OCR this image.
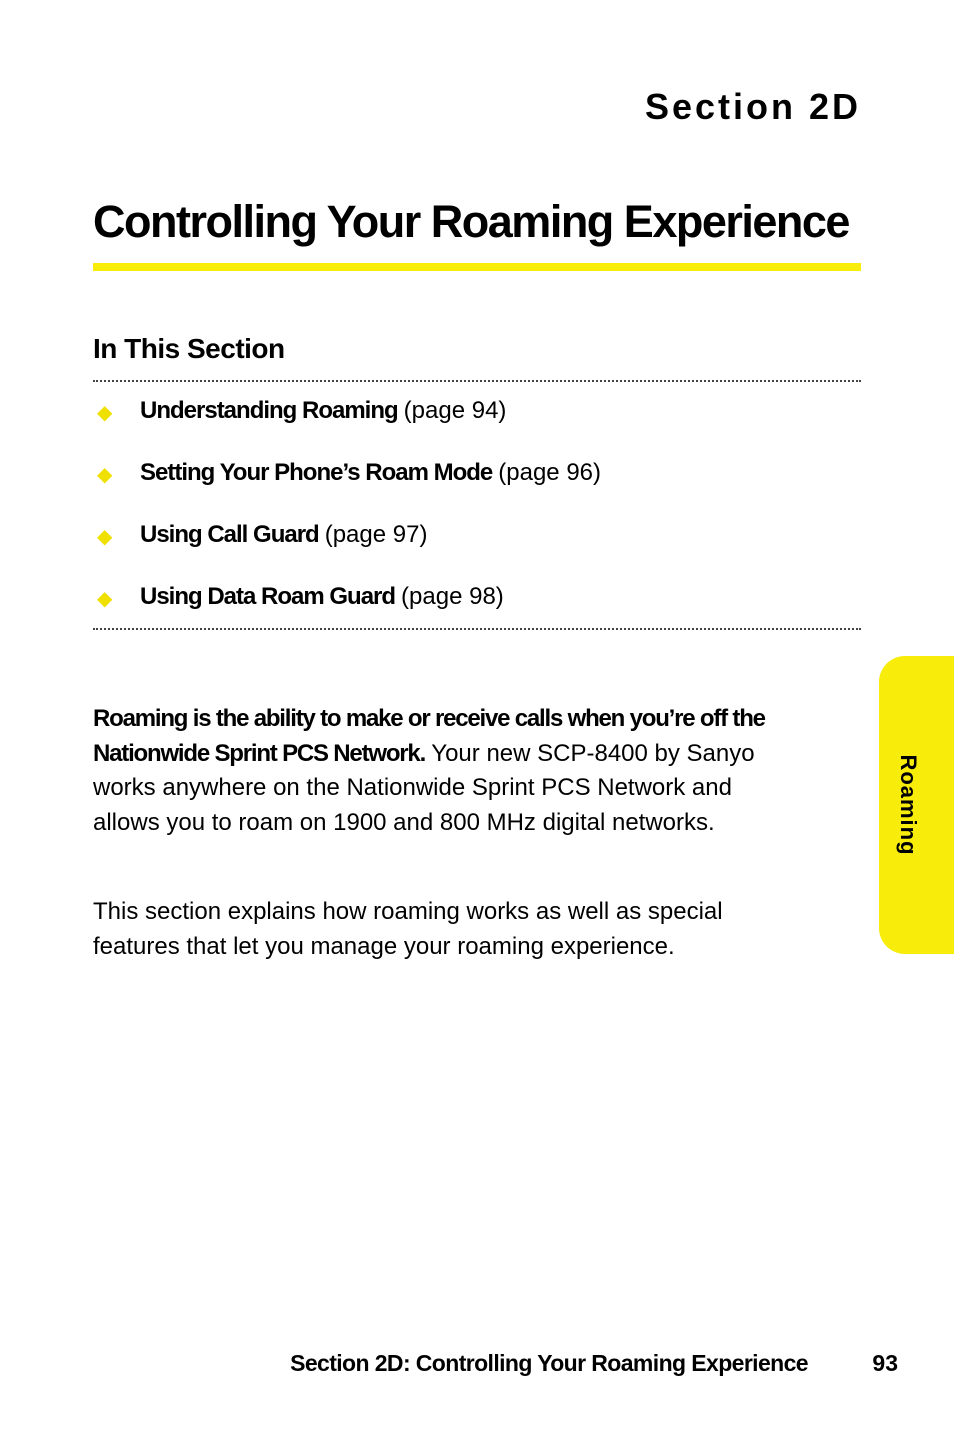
Section 2D
Controlling Your Roaming Experience
In This Section
◆	Understanding Roaming (page 94)
◆	Setting Your Phone’s Roam Mode (page 96)
◆	Using Call Guard (page 97)
◆	Using Data Roam Guard (page 98)

Roaming is the ability to make or receive calls when you’re off the Nationwide Sprint PCS Network. Your new SCP-8400 by Sanyo works anywhere on the Nationwide Sprint PCS Network and allows you to roam on 1900 and 800 MHz digital networks.

This section explains how roaming works as well as special features that let you manage your roaming experience.

Roaming
Section 2D: Controlling Your Roaming Experience	93
